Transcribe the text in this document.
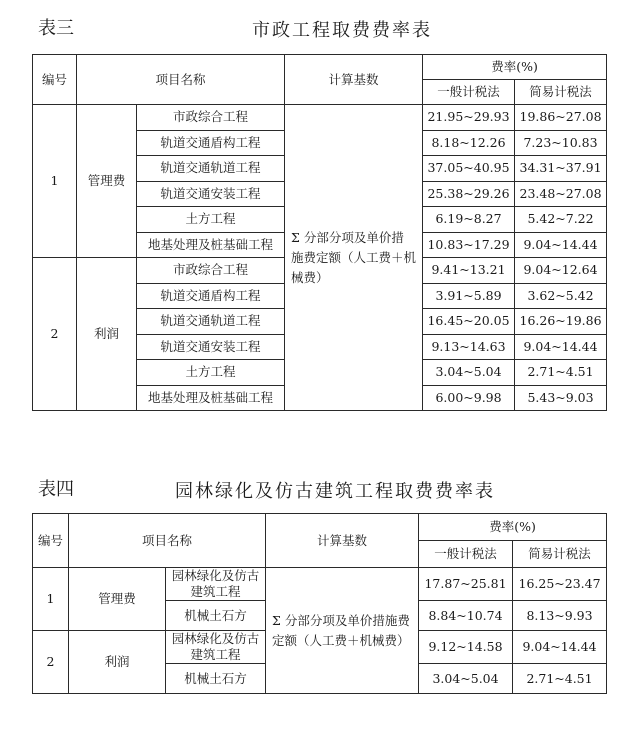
表三	市政工程取费费率表
编号	项目名称		计算基数	费率(%)	
				一般计税法	简易计税法
1	管理费	市政综合工程	Σ 分部分项及单价措施费定额（人工费＋机械费）	21.95~29.93	19.86~27.08
		轨道交通盾构工程		8.18~12.26	7.23~10.83
		轨道交通轨道工程		37.05~40.95	34.31~37.91
		轨道交通安装工程		25.38~29.26	23.48~27.08
		土方工程		6.19~8.27	5.42~7.22
		地基处理及桩基础工程		10.83~17.29	9.04~14.44
2	利润	市政综合工程		9.41~13.21	9.04~12.64
		轨道交通盾构工程		3.91~5.89	3.62~5.42
		轨道交通轨道工程		16.45~20.05	16.26~19.86
		轨道交通安装工程		9.13~14.63	9.04~14.44
		土方工程		3.04~5.04	2.71~4.51
		地基处理及桩基础工程		6.00~9.98	5.43~9.03
表四	园林绿化及仿古建筑工程取费费率表
编号	项目名称		计算基数	费率(%)	
				一般计税法	简易计税法
1	管理费	园林绿化及仿古建筑工程	Σ 分部分项及单价措施费定额（人工费＋机械费）	17.87~25.81	16.25~23.47
		机械土石方		8.84~10.74	8.13~9.93
2	利润	园林绿化及仿古建筑工程		9.12~14.58	9.04~14.44
		机械土石方		3.04~5.04	2.71~4.51
